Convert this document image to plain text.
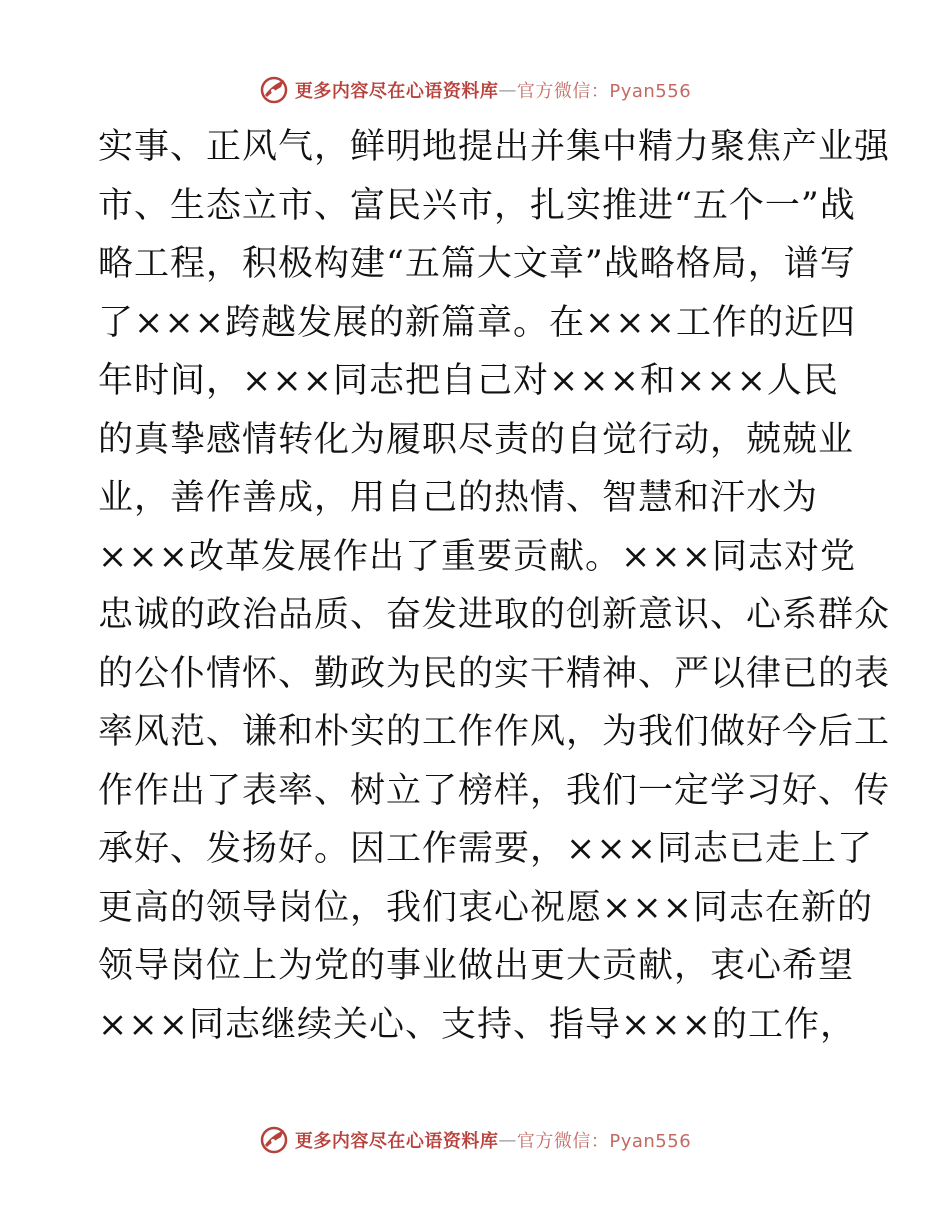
更多内容尽在心语资料库 — 官方微信：Pyan556
实事、正风气，鲜明地提出并集中精力聚焦产业强
市、生态立市、富民兴市，扎实推进“五个一”战
略工程，积极构建“五篇大文章”战略格局，谱写
了×××跨越发展的新篇章。在×××工作的近四
年时间，×××同志把自己对×××和×××人民
的真挚感情转化为履职尽责的自觉行动，兢兢业
业，善作善成，用自己的热情、智慧和汗水为
×××改革发展作出了重要贡献。×××同志对党
忠诚的政治品质、奋发进取的创新意识、心系群众
的公仆情怀、勤政为民的实干精神、严以律已的表
率风范、谦和朴实的工作作风，为我们做好今后工
作作出了表率、树立了榜样，我们一定学习好、传
承好、发扬好。因工作需要，×××同志已走上了
更高的领导岗位，我们衷心祝愿×××同志在新的
领导岗位上为党的事业做出更大贡献，衷心希望
×××同志继续关心、支持、指导×××的工作，
更多内容尽在心语资料库 — 官方微信：Pyan556
